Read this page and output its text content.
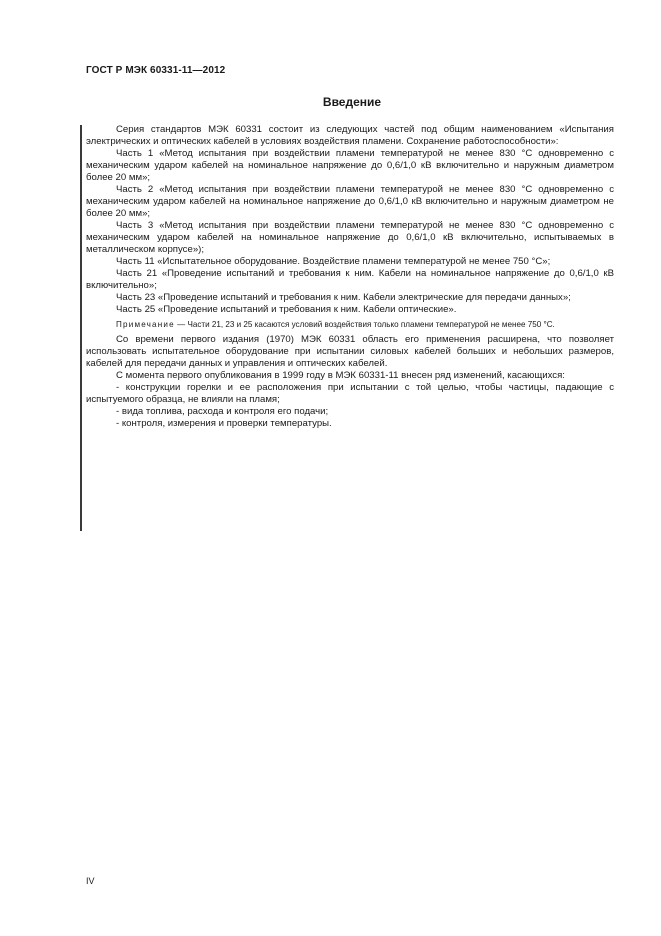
ГОСТ Р МЭК 60331-11—2012
Введение

Серия стандартов МЭК 60331 состоит из следующих частей под общим наименованием «Испытания электрических и оптических кабелей в условиях воздействия пламени. Сохранение работоспособности»:

Часть 1 «Метод испытания при воздействии пламени температурой не менее 830 °С одновременно с механическим ударом кабелей на номинальное напряжение до 0,6/1,0 кВ включительно и наружным диаметром более 20 мм»;

Часть 2 «Метод испытания при воздействии пламени температурой не менее 830 °С одновременно с механическим ударом кабелей на номинальное напряжение до 0,6/1,0 кВ включительно и наружным диаметром не более 20 мм»;

Часть 3 «Метод испытания при воздействии пламени температурой не менее 830 °С одновременно с механическим ударом кабелей на номинальное напряжение до 0,6/1,0 кВ включительно, испытываемых в металлическом корпусе»);

Часть 11 «Испытательное оборудование. Воздействие пламени температурой не менее 750 °С»;

Часть 21 «Проведение испытаний и требования к ним. Кабели на номинальное напряжение до 0,6/1,0 кВ включительно»;

Часть 23 «Проведение испытаний и требования к ним. Кабели электрические для передачи данных»;

Часть 25 «Проведение испытаний и требования к ним. Кабели оптические».

Примечание — Части 21, 23 и 25 касаются условий воздействия только пламени температурой не менее 750 °С.

Со времени первого издания (1970) МЭК 60331 область его применения расширена, что позволяет использовать испытательное оборудование при испытании силовых кабелей больших и небольших размеров, кабелей для передачи данных и управления и оптических кабелей.

С момента первого опубликования в 1999 году в МЭК 60331-11 внесен ряд изменений, касающихся:

- конструкции горелки и ее расположения при испытании с той целью, чтобы частицы, падающие с испытуемого образца, не влияли на пламя;

- вида топлива, расхода и контроля его подачи;

- контроля, измерения и проверки температуры.

IV
